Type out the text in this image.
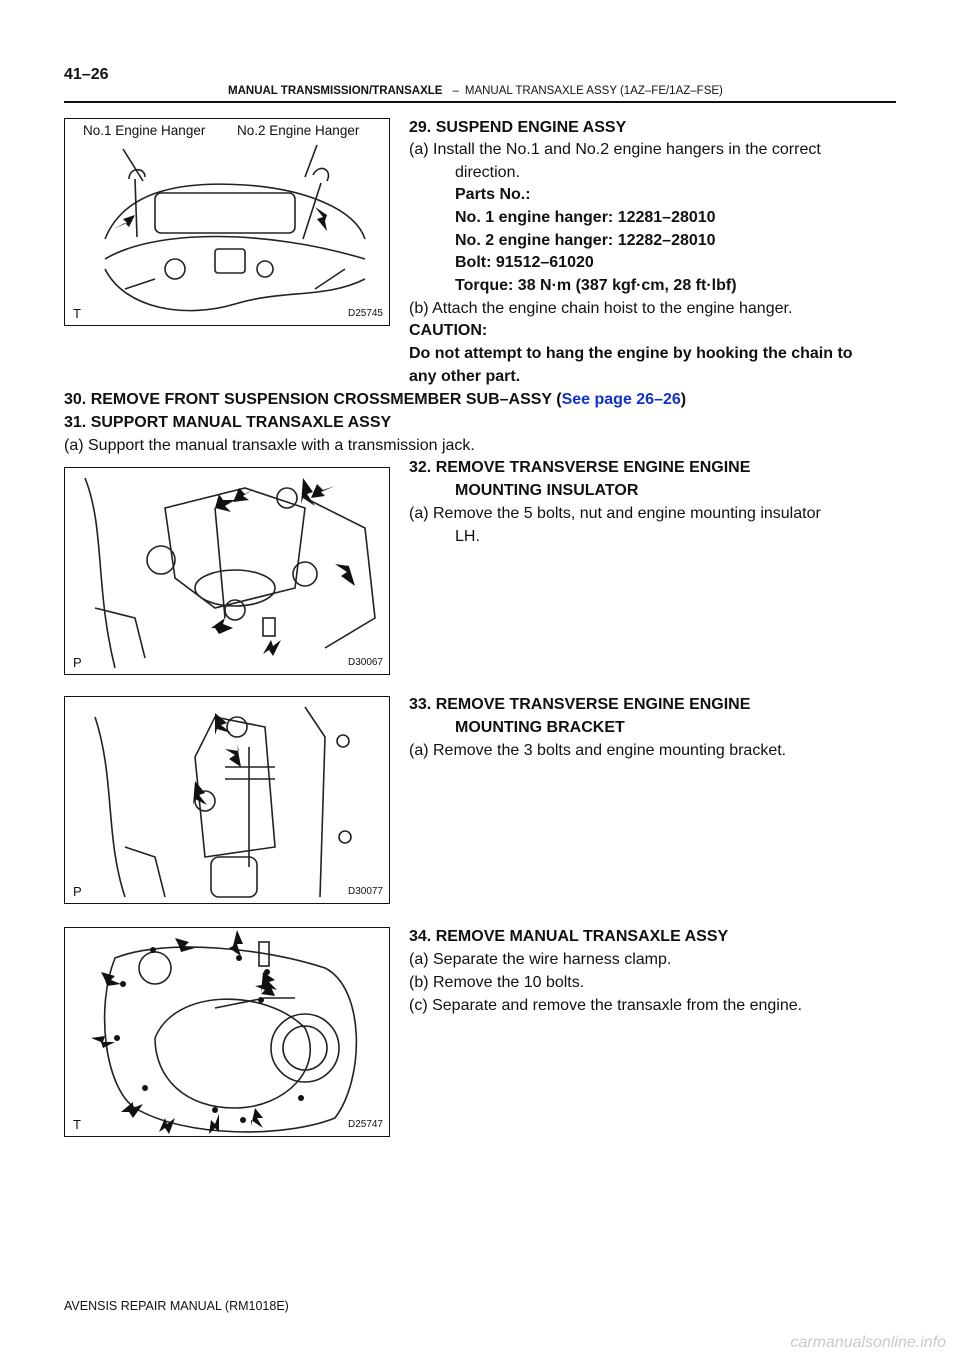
41–26
MANUAL TRANSMISSION/TRANSAXLE – MANUAL TRANSAXLE ASSY (1AZ–FE/1AZ–FSE)
No.1 Engine Hanger No.2 Engine Hanger
T	D25745
P	D30067
P	D30077
T	D25747
29. SUSPEND ENGINE ASSY
(a) Install the No.1 and No.2 engine hangers in the correct
direction.
Parts No.:
No. 1 engine hanger: 12281–28010
No. 2 engine hanger: 12282–28010
Bolt: 91512–61020
Torque: 38 N·m (387 kgf·cm, 28 ft·lbf)
(b) Attach the engine chain hoist to the engine hanger.
CAUTION:
Do not attempt to hang the engine by hooking the chain to
any other part.
30. REMOVE FRONT SUSPENSION CROSSMEMBER SUB–ASSY (See page 26–26)
31. SUPPORT MANUAL TRANSAXLE ASSY
(a) Support the manual transaxle with a transmission jack.
32. REMOVE TRANSVERSE ENGINE ENGINE
MOUNTING INSULATOR
(a) Remove the 5 bolts, nut and engine mounting insulator
LH.
33. REMOVE TRANSVERSE ENGINE ENGINE
MOUNTING BRACKET
(a) Remove the 3 bolts and engine mounting bracket.
34. REMOVE MANUAL TRANSAXLE ASSY
(a) Separate the wire harness clamp.
(b) Remove the 10 bolts.
(c) Separate and remove the transaxle from the engine.
AVENSIS REPAIR MANUAL (RM1018E)
carmanualsonline.info
